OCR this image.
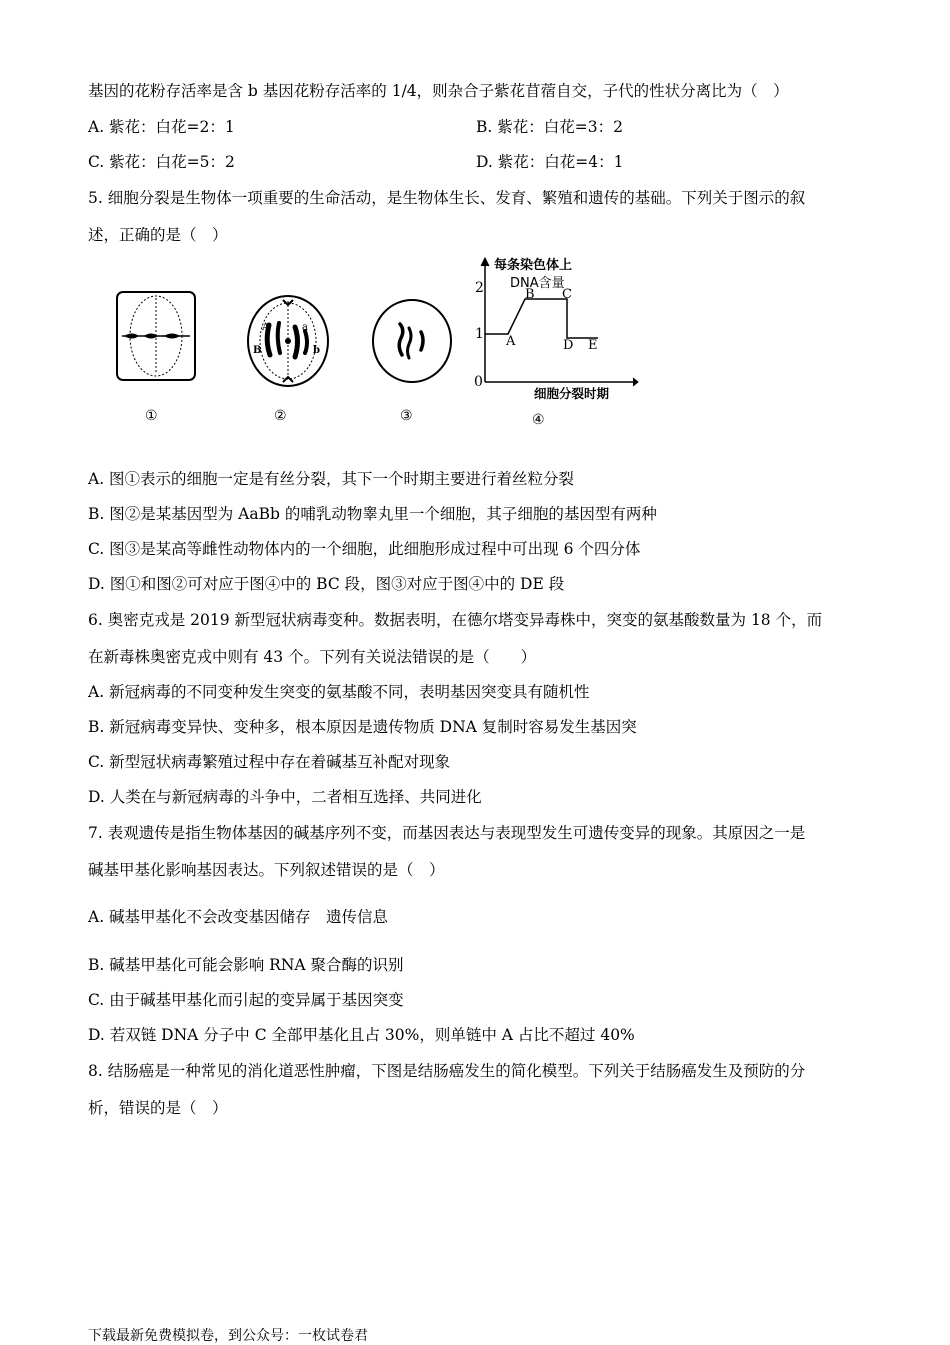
基因的花粉存活率是含 b 基因花粉存活率的 1/4，则杂合子紫花苜蓿自交，子代的性状分离比为（　）
A. 紫花：白花=2：1	B. 紫花：白花=3：2
C. 紫花：白花=5：2	D. 紫花：白花=4：1
5. 细胞分裂是生物体一项重要的生命活动，是生物体生长、发育、繁殖和遗传的基础。下列关于图示的叙
述，正确的是（　）
A	a
B	b
每条染色体上
DNA含量
0
1
2
A
B C
D E
细胞分裂时期
①	②	③	④
A. 图①表示的细胞一定是有丝分裂，其下一个时期主要进行着丝粒分裂
B. 图②是某基因型为 AaBb 的哺乳动物睾丸里一个细胞，其子细胞的基因型有两种
C. 图③是某高等雌性动物体内的一个细胞，此细胞形成过程中可出现 6 个四分体
D. 图①和图②可对应于图④中的 BC 段，图③对应于图④中的 DE 段
6. 奥密克戎是 2019 新型冠状病毒变种。数据表明，在德尔塔变异毒株中，突变的氨基酸数量为 18 个，而
在新毒株奥密克戎中则有 43 个。下列有关说法错误的是（　　）
A. 新冠病毒的不同变种发生突变的氨基酸不同，表明基因突变具有随机性
B. 新冠病毒变异快、变种多，根本原因是遗传物质 DNA 复制时容易发生基因突
C. 新型冠状病毒繁殖过程中存在着碱基互补配对现象
D. 人类在与新冠病毒的斗争中，二者相互选择、共同进化
7. 表观遗传是指生物体基因的碱基序列不变，而基因表达与表现型发生可遗传变异的现象。其原因之一是
碱基甲基化影响基因表达。下列叙述错误的是（　）
A. 碱基甲基化不会改变基因储存　遗传信息
B. 碱基甲基化可能会影响 RNA 聚合酶的识别
C. 由于碱基甲基化而引起的变异属于基因突变
D. 若双链 DNA 分子中 C 全部甲基化且占 30%，则单链中 A 占比不超过 40%
8. 结肠癌是一种常见的消化道恶性肿瘤，下图是结肠癌发生的简化模型。下列关于结肠癌发生及预防的分
析，错误的是（　）
下载最新免费模拟卷，到公众号：一枚试卷君
